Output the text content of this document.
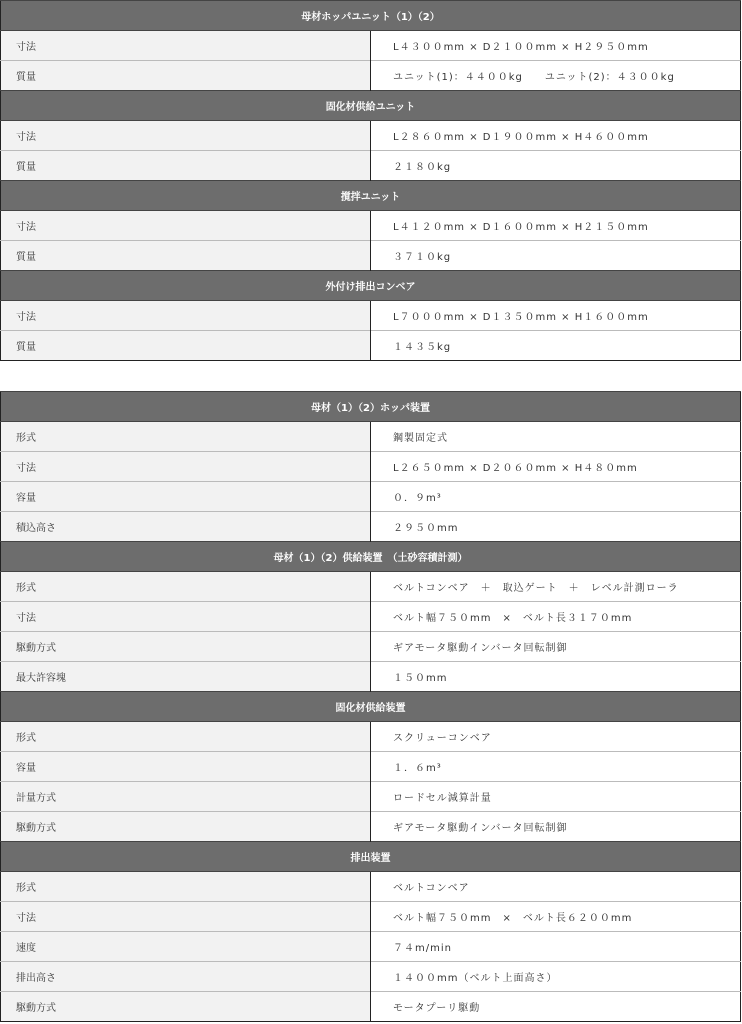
母材ホッパユニット（1）（2）	
寸法	L４３００mm × D２１００mm × H２９５０mm
質量	ユニット(1)：４４００kg　　ユニット(2)：４３００kg
固化材供給ユニット	
寸法	L２８６０mm × D１９００mm × H４６００mm
質量	２１８０kg
撹拌ユニット	
寸法	L４１２０mm × D１６００mm × H２１５０mm
質量	３７１０kg
外付け排出コンベア	
寸法	L７０００mm × D１３５０mm × H１６００mm
質量	１４３５kg
母材（1）（2）ホッパ装置	
形式	鋼製固定式
寸法	L２６５０mm × D２０６０mm × H４８０mm
容量	０．９m³
積込高さ	２９５０mm
母材（1）（2）供給装置　（土砂容積計測）	
形式	ベルトコンベア　＋　取込ゲート　＋　レベル計測ローラ
寸法	ベルト幅７５０mm　×　ベルト長３１７０mm
駆動方式	ギアモータ駆動インバータ回転制御
最大許容塊	１５０mm
固化材供給装置	
形式	スクリューコンベア
容量	１．６m³
計量方式	ロードセル減算計量
駆動方式	ギアモータ駆動インバータ回転制御
排出装置	
形式	ベルトコンベア
寸法	ベルト幅７５０mm　×　ベルト長６２００mm
速度	７４m/min
排出高さ	１４００mm（ベルト上面高さ）
駆動方式	モータプーリ駆動
